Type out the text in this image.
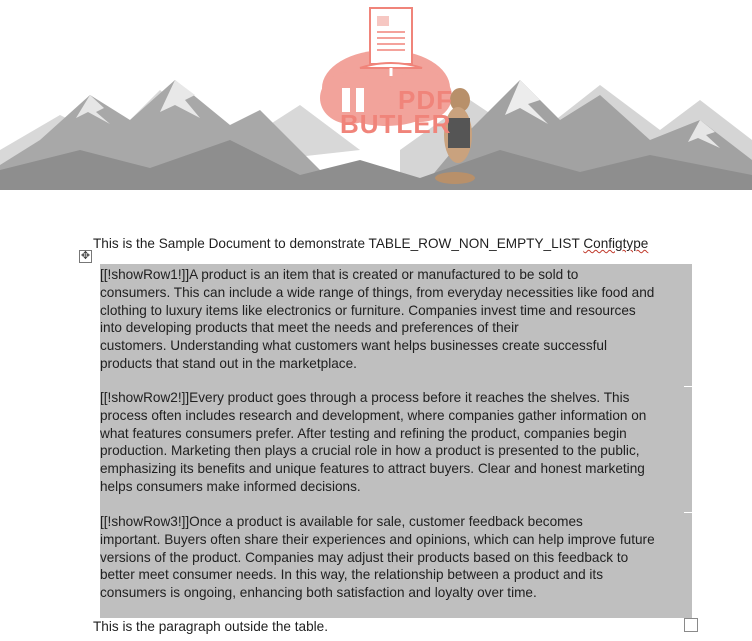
PDF
BUTLER
This is the Sample Document to demonstrate TABLE_ROW_NON_EMPTY_LIST Configtype
✥

[[!showRow1!]]A product is an item that is created or manufactured to be sold to

consumers. This can include a wide range of things, from everyday necessities like food and

clothing to luxury items like electronics or furniture. Companies invest time and resources

into developing products that meet the needs and preferences of their

customers. Understanding what customers want helps businesses create successful

products that stand out in the marketplace.

[[!showRow2!]]Every product goes through a process before it reaches the shelves. This

process often includes research and development, where companies gather information on

what features consumers prefer. After testing and refining the product, companies begin

production. Marketing then plays a crucial role in how a product is presented to the public,

emphasizing its benefits and unique features to attract buyers. Clear and honest marketing

helps consumers make informed decisions.

[[!showRow3!]]Once a product is available for sale, customer feedback becomes

important. Buyers often share their experiences and opinions, which can help improve future

versions of the product. Companies may adjust their products based on this feedback to

better meet consumer needs. In this way, the relationship between a product and its

consumers is ongoing, enhancing both satisfaction and loyalty over time.

This is the paragraph outside the table.
